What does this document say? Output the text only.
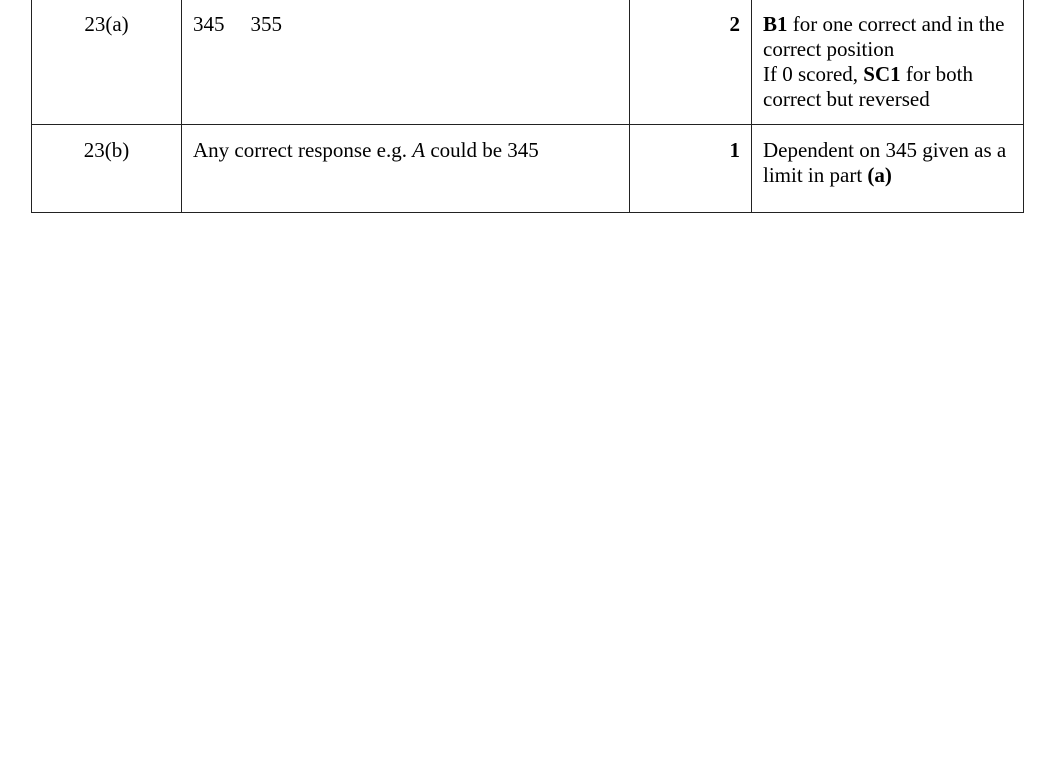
23(a)	345 355	2	B1 for one correct and in the correct position
If 0 scored, SC1 for both correct but reversed

23(b)	Any correct response e.g. A could be 345	1	Dependent on 345 given as a limit in part (a)
